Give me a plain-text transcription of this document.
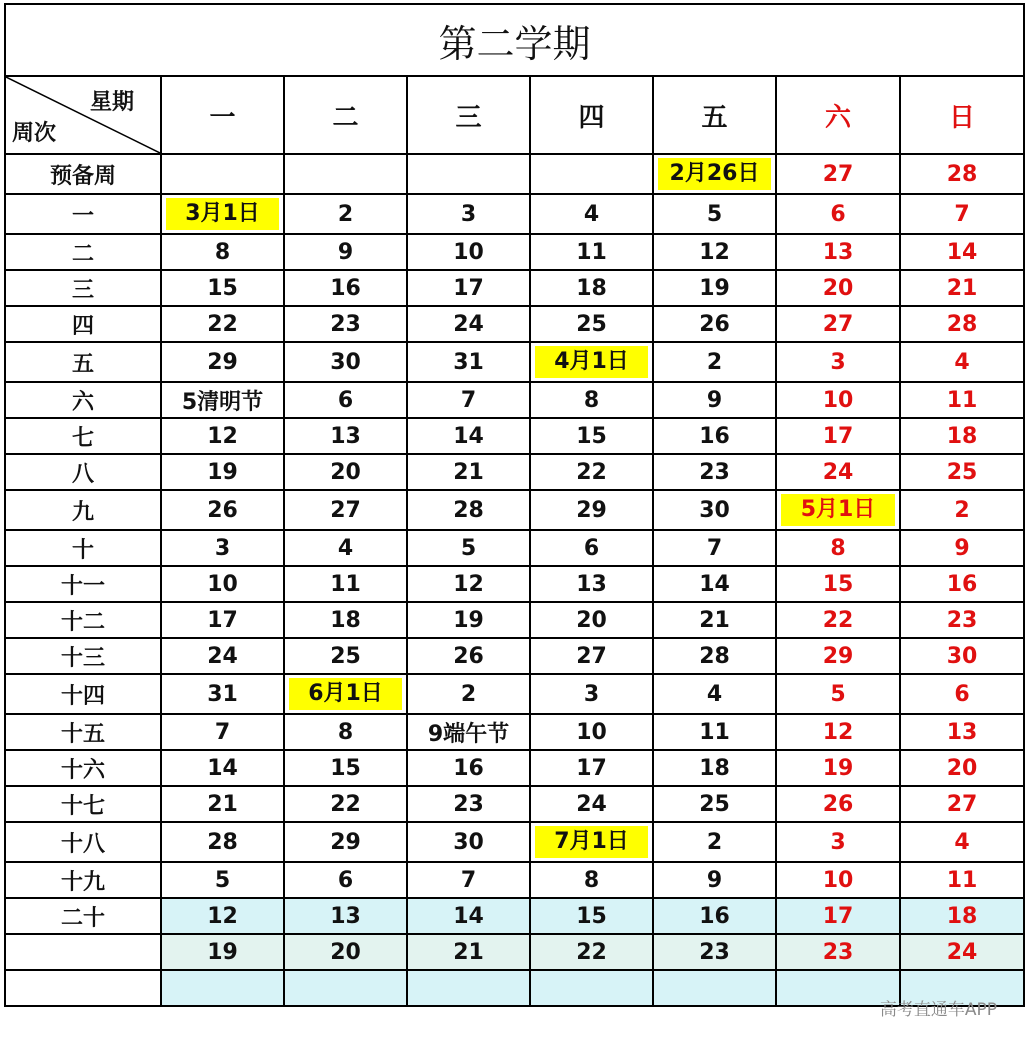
第二学期							

星期
周次	一	二	三	四	五	六	日
预备周					2月26日	27	28
一	3月1日	2	3	4	5	6	7
二	8	9	10	11	12	13	14
三	15	16	17	18	19	20	21
四	22	23	24	25	26	27	28
五	29	30	31	4月1日	2	3	4
六	5清明节	6	7	8	9	10	11
七	12	13	14	15	16	17	18
八	19	20	21	22	23	24	25
九	26	27	28	29	30	5月1日	2
十	3	4	5	6	7	8	9
十一	10	11	12	13	14	15	16
十二	17	18	19	20	21	22	23
十三	24	25	26	27	28	29	30
十四	31	6月1日	2	3	4	5	6
十五	7	8	9端午节	10	11	12	13
十六	14	15	16	17	18	19	20
十七	21	22	23	24	25	26	27
十八	28	29	30	7月1日	2	3	4
十九	5	6	7	8	9	10	11
二十	12	13	14	15	16	17	18
	19	20	21	22	23	23	24

高考直通车APP
